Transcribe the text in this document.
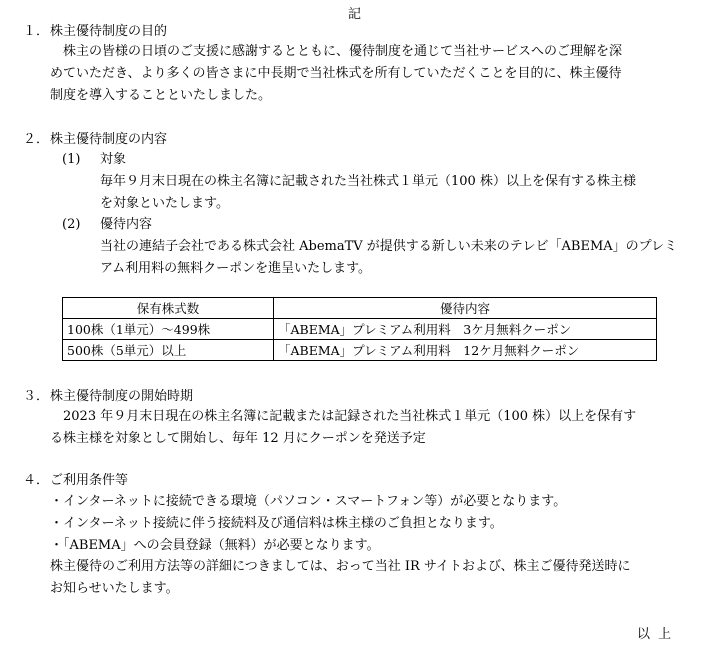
記
１． 株主優待制度の目的
株主の皆様の日頃のご支援に感謝するとともに、優待制度を通じて当社サービスへのご理解を深
めていただき、より多くの皆さまに中長期で当社株式を所有していただくことを目的に、株主優待
制度を導入することといたしました。
２． 株主優待制度の内容
(1) 対象
毎年９月末日現在の株主名簿に記載された当社株式１単元（100 株）以上を保有する株主様
を対象といたします。
(2) 優待内容
当社の連結子会社である株式会社 AbemaTV が提供する新しい未来のテレビ「ABEMA」のプレミ
アム利用料の無料クーポンを進呈いたします。
保有株式数	優待内容
100株（1単元）～499株	「ABEMA」プレミアム利用料　3ケ月無料クーポン
500株（5単元）以上	「ABEMA」プレミアム利用料　12ケ月無料クーポン
３． 株主優待制度の開始時期
2023 年９月末日現在の株主名簿に記載または記録された当社株式１単元（100 株）以上を保有す
る株主様を対象として開始し、毎年 12 月にクーポンを発送予定
４． ご利用条件等
・インターネットに接続できる環境（パソコン・スマートフォン等）が必要となります。
・インターネット接続に伴う接続料及び通信料は株主様のご負担となります。
・「ABEMA」への会員登録（無料）が必要となります。
株主優待のご利用方法等の詳細につきましては、おって当社 IR サイトおよび、株主ご優待発送時に
お知らせいたします。
以上
